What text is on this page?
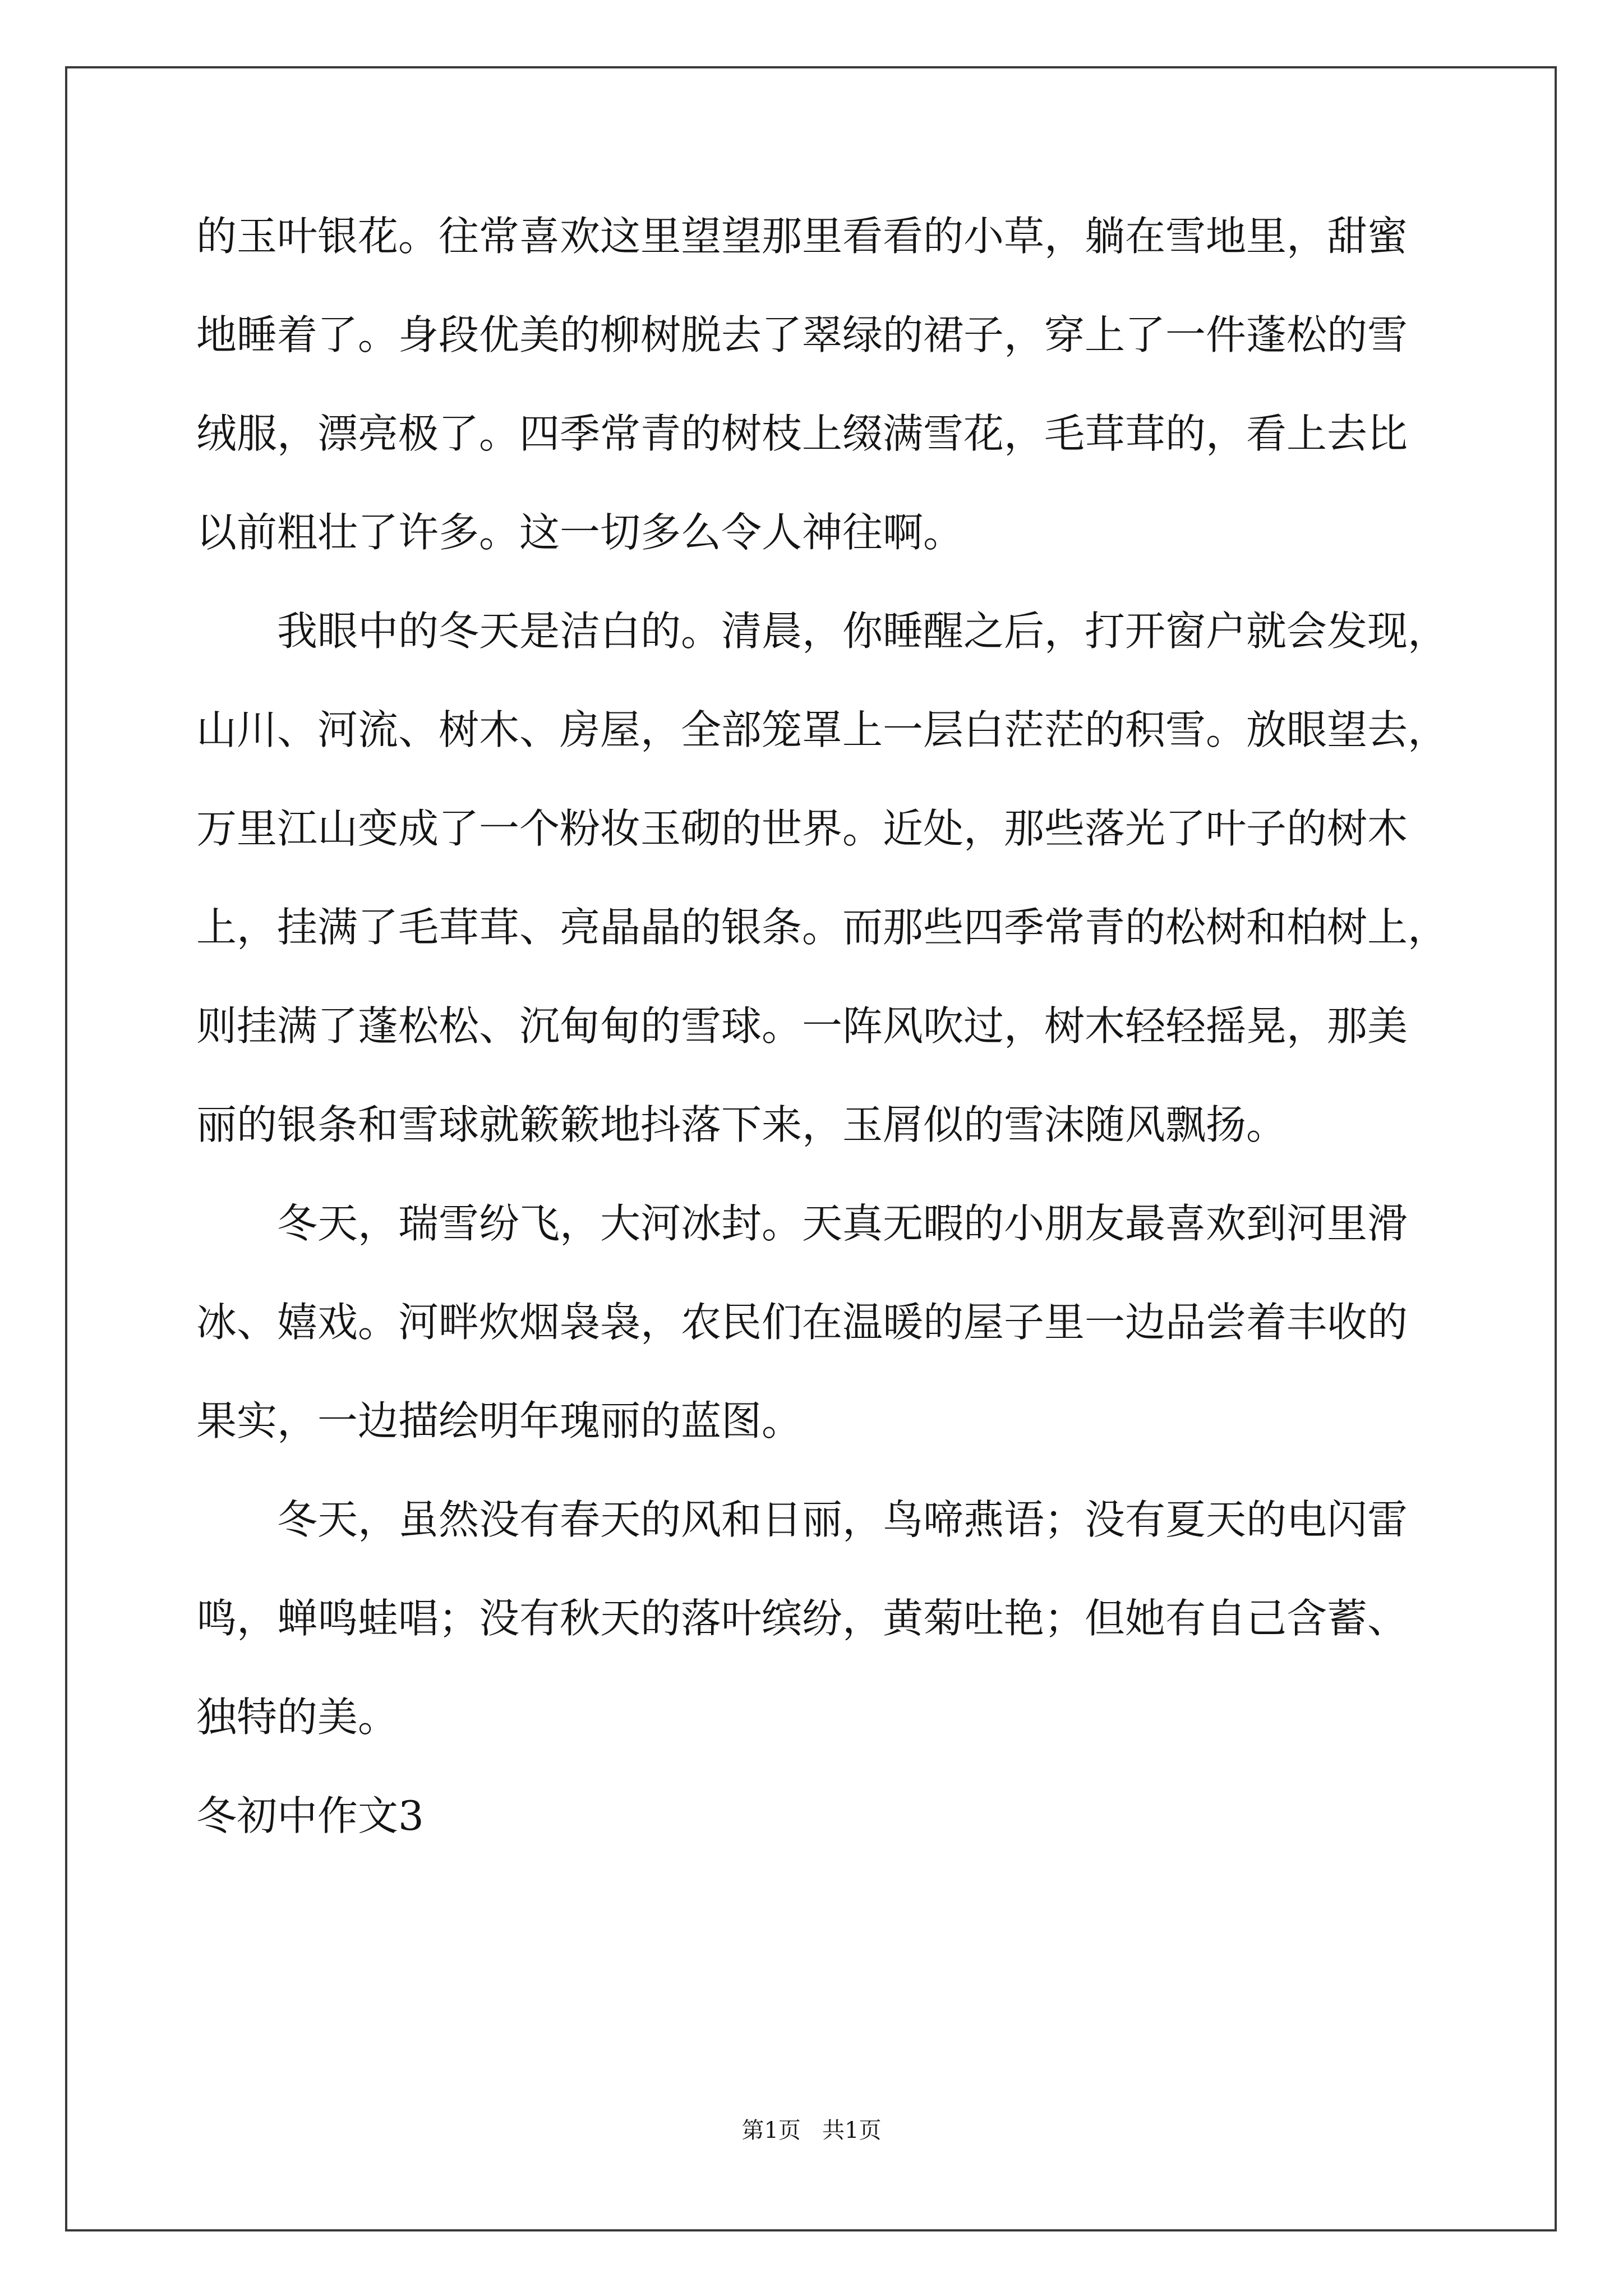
的玉叶银花。往常喜欢这里望望那里看看的小草，躺在雪地里，甜蜜
地睡着了。身段优美的柳树脱去了翠绿的裙子，穿上了一件蓬松的雪
绒服，漂亮极了。四季常青的树枝上缀满雪花，毛茸茸的，看上去比
以前粗壮了许多。这一切多么令人神往啊。
我眼中的冬天是洁白的。清晨，你睡醒之后，打开窗户就会发现，
山川、河流、树木、房屋，全部笼罩上一层白茫茫的积雪。放眼望去，
万里江山变成了一个粉妆玉砌的世界。近处，那些落光了叶子的树木
上，挂满了毛茸茸、亮晶晶的银条。而那些四季常青的松树和柏树上，
则挂满了蓬松松、沉甸甸的雪球。一阵风吹过，树木轻轻摇晃，那美
丽的银条和雪球就簌簌地抖落下来，玉屑似的雪沫随风飘扬。
冬天，瑞雪纷飞，大河冰封。天真无暇的小朋友最喜欢到河里滑
冰、嬉戏。河畔炊烟袅袅，农民们在温暖的屋子里一边品尝着丰收的
果实，一边描绘明年瑰丽的蓝图。
冬天，虽然没有春天的风和日丽，鸟啼燕语；没有夏天的电闪雷
鸣，蝉鸣蛙唱；没有秋天的落叶缤纷，黄菊吐艳；但她有自己含蓄、
独特的美。
冬初中作文3
第1页   共1页
